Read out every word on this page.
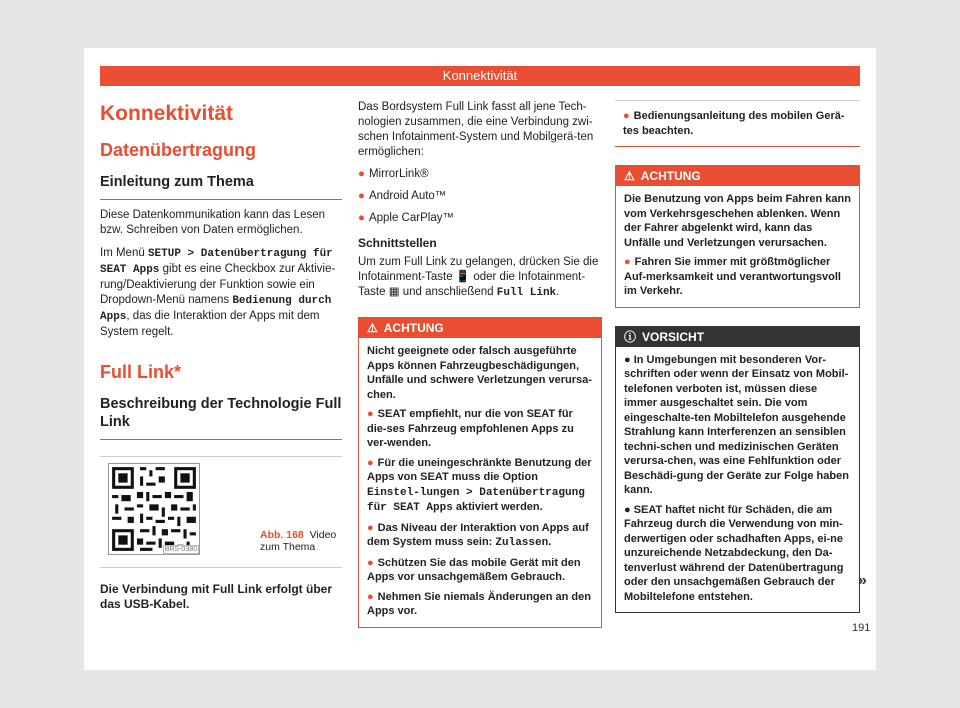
Konnektivität
Konnektivität
Datenübertragung
Einleitung zum Thema

Diese Datenkommunikation kann das Lesen bzw. Schreiben von Daten ermöglichen.

Im Menü SETUP > Datenübertragung für SEAT Apps gibt es eine Checkbox zur Aktivie-rung/Deaktivierung der Funktion sowie ein Dropdown-Menü namens Bedienung durch Apps, das die Interaktion der Apps mit dem System regelt.

Full Link*
Beschreibung der Technologie Full Link
BRS-0380
Abb. 168 Video zum Thema

Die Verbindung mit Full Link erfolgt über das USB-Kabel.

Das Bordsystem Full Link fasst all jene Tech-nologien zusammen, die eine Verbindung zwi-schen Infotainment-System und Mobilgerä-ten ermöglichen:

● MirrorLink®
● Android Auto™
● Apple CarPlay™

Schnittstellen

Um zum Full Link zu gelangen, drücken Sie die Infotainment-Taste 📱 oder die Infotainment-Taste ▦ und anschließend Full Link.

⚠ ACHTUNG
Nicht geeignete oder falsch ausgeführte Apps können Fahrzeugbeschädigungen, Unfälle und schwere Verletzungen verursa-chen.
● SEAT empfiehlt, nur die von SEAT für die-ses Fahrzeug empfohlenen Apps zu ver-wenden.
● Für die uneingeschränkte Benutzung der Apps von SEAT muss die Option Einstel-lungen > Datenübertragung für SEAT Apps aktiviert werden.
● Das Niveau der Interaktion von Apps auf dem System muss sein: Zulassen.
● Schützen Sie das mobile Gerät mit den Apps vor unsachgemäßem Gebrauch.
● Nehmen Sie niemals Änderungen an den Apps vor.
● Bedienungsanleitung des mobilen Gerä-tes beachten.
⚠ ACHTUNG
Die Benutzung von Apps beim Fahren kann vom Verkehrsgeschehen ablenken. Wenn der Fahrer abgelenkt wird, kann das Unfälle und Verletzungen verursachen.
● Fahren Sie immer mit größtmöglicher Auf-merksamkeit und verantwortungsvoll im Verkehr.
ⓘ VORSICHT
● In Umgebungen mit besonderen Vor-schriften oder wenn der Einsatz von Mobil-telefonen verboten ist, müssen diese immer ausgeschaltet sein. Die vom eingeschalte-ten Mobiltelefon ausgehende Strahlung kann Interferenzen an sensiblen techni-schen und medizinischen Geräten verursa-chen, was eine Fehlfunktion oder Beschädi-gung der Geräte zur Folge haben kann.
● SEAT haftet nicht für Schäden, die am Fahrzeug durch die Verwendung von min-derwertigen oder schadhaften Apps, ei-ne unzureichende Netzabdeckung, den Da-tenverlust während der Datenübertragung oder den unsachgemäßen Gebrauch der Mobiltelefone entstehen.
»
191
